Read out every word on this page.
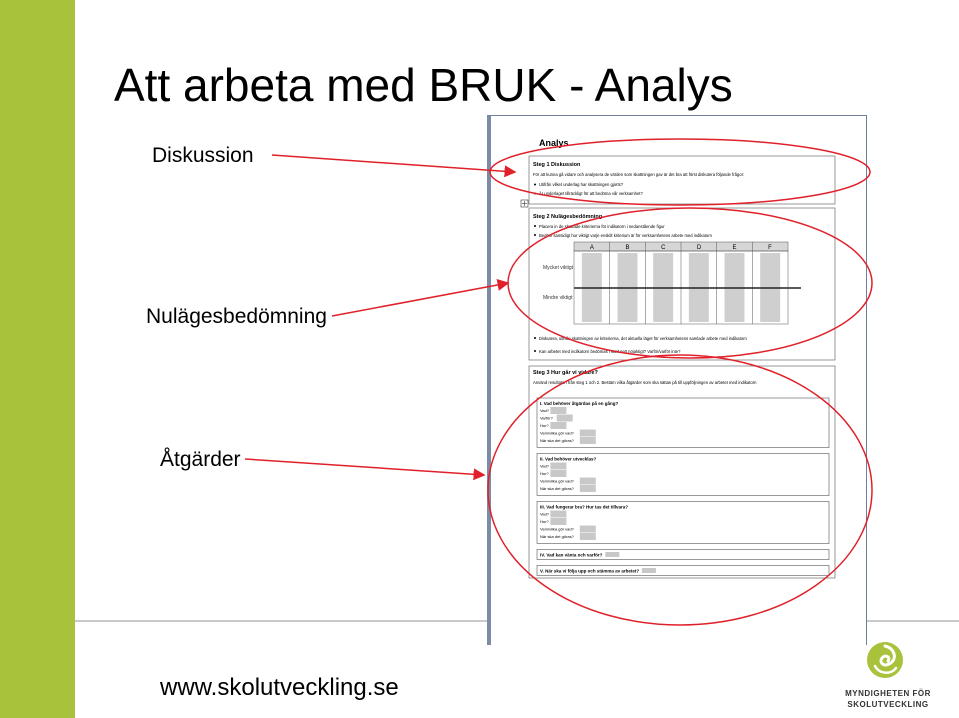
Att arbeta med BRUK - Analys
Diskussion
Nulägesbedömning
Åtgärder
Analys
Steg 1 Diskussion
För att kunna gå vidare och analysera de värden som skattningen gav är det bra att först diskutera följande frågor:
Utifrån vilket underlag har skattningen gjorts?
Är underlaget tillräckligt för att bedöma vår verksamhet?
Steg 2 Nulägesbedömning
Placera in de skattade kriterierna för indikatorn i nedanstående figur
Bedöm samtidigt hur viktigt varje enskilt kriterium är för verksamhetens arbete med indikatorn
A	B	C	D	E	F
Mycket viktigt
Mindre viktigt
Diskutera, utifrån skattningen av kriterierna, det aktuella läget för verksamhetens samlade arbete med indikatorn
Kan arbetet med indikatorn bedömas i stort sett nöjaktigt? Varför/varför inte?
Steg 3 Hur går vi vidare?
Använd resultaten från steg 1 och 2. Bestäm vilka åtgärder som ska sättas på till uppföljningen av arbetet med indikatorn
I. Vad behöver åtgärdas på en gång?
Vad?
Varför?
Hur?
Vem/vilka gör vad?
När ska det göras?
II. Vad behöver utvecklas?
Vad?
Hur?
Vem/vilka gör vad?
När ska det göras?
III. Vad fungerar bra? Hur tas det tillvara?
Vad?
Hur?
Vem/vilka gör vad?
När ska det göras?
IV. Vad kan vänta och varför?
V. När ska vi följa upp och stämma av arbetet?
www.skolutveckling.se	MYNDIGHETEN FÖR
SKOLUTVECKLING
